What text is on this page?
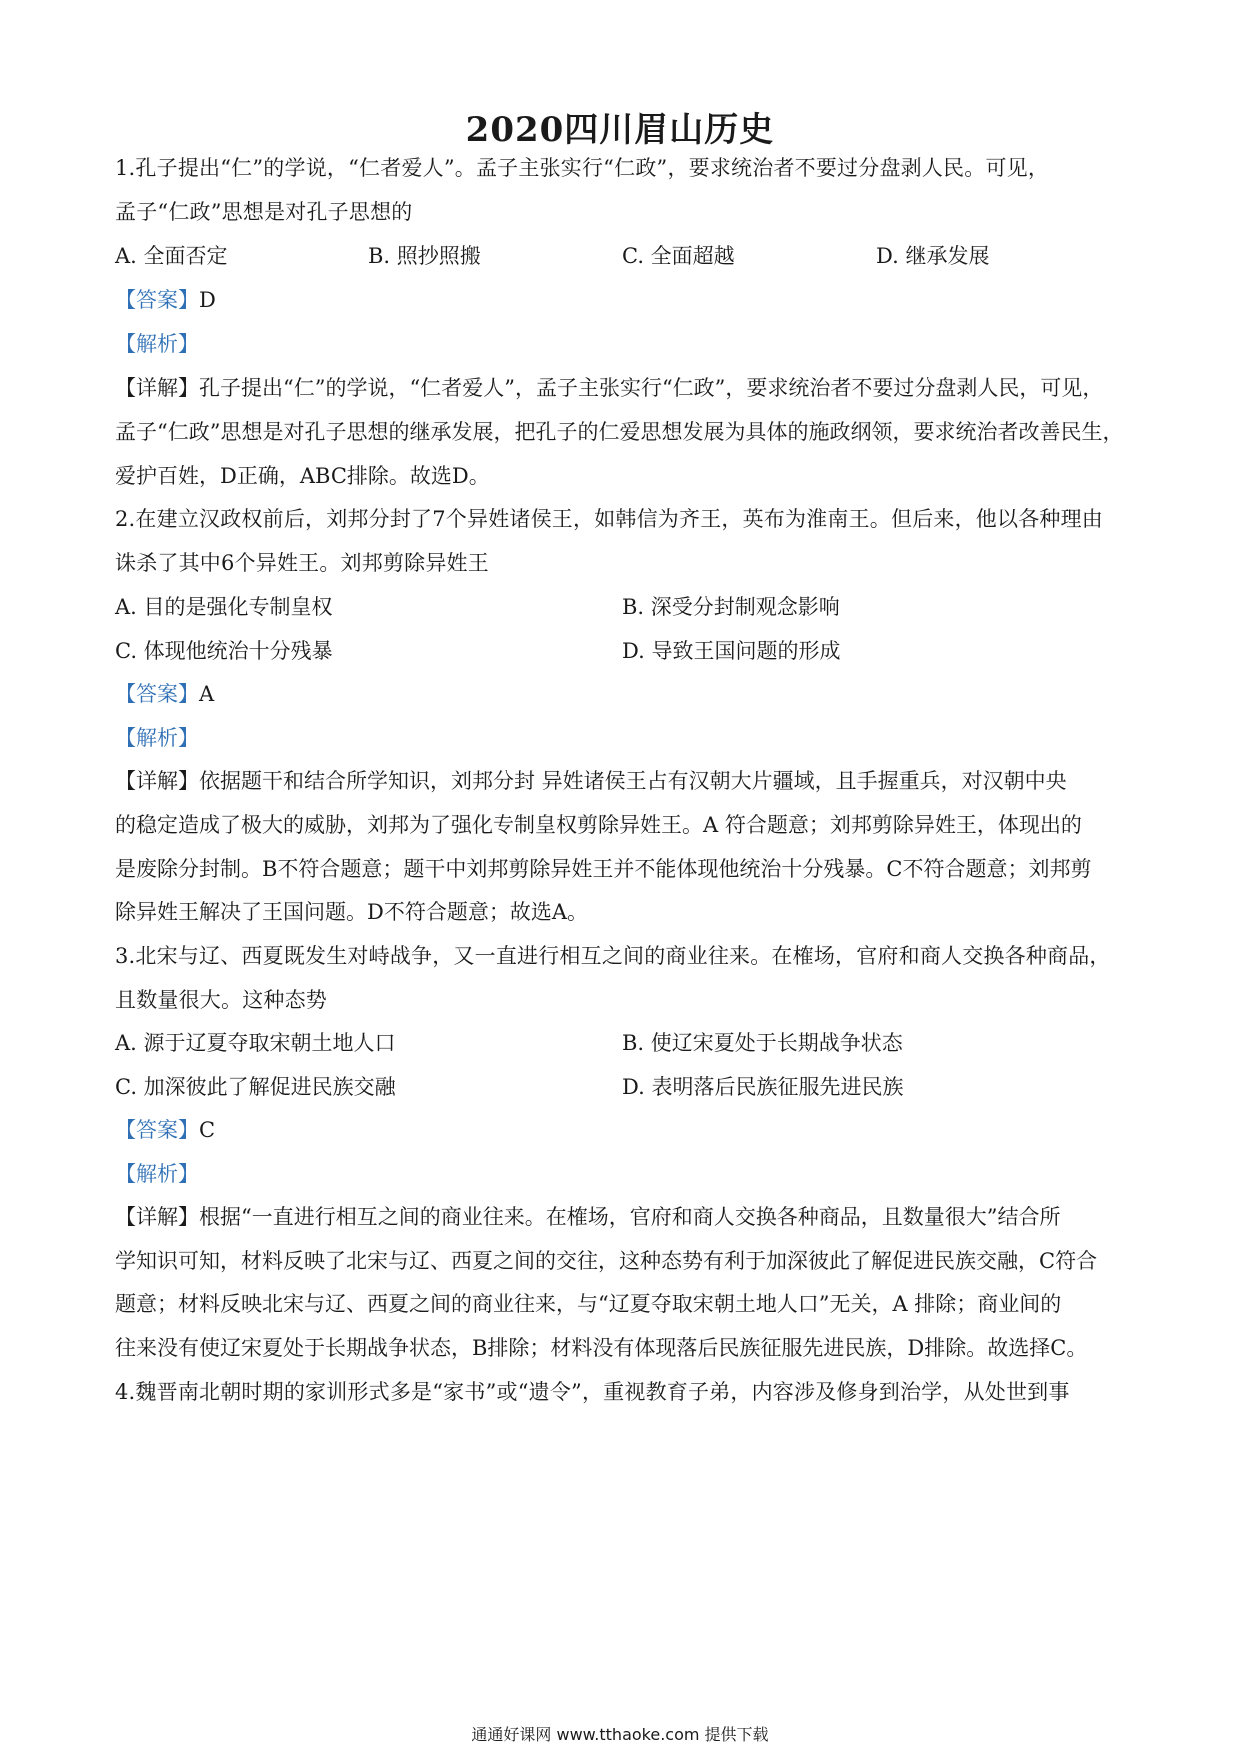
2020四川眉山历史
1.孔子提出“仁”的学说，“仁者爱人”。孟子主张实行“仁政”，要求统治者不要过分盘剥人民。可见，
孟子“仁政”思想是对孔子思想的
A. 全面否定	B. 照抄照搬	C. 全面超越	D. 继承发展
【答案】D
【解析】
【详解】孔子提出“仁”的学说，“仁者爱人”，孟子主张实行“仁政”，要求统治者不要过分盘剥人民，可见，
孟子“仁政”思想是对孔子思想的继承发展，把孔子的仁爱思想发展为具体的施政纲领，要求统治者改善民生，
爱护百姓，D正确，ABC排除。故选D。
2.在建立汉政权前后，刘邦分封了7个异姓诸侯王，如韩信为齐王，英布为淮南王。但后来，他以各种理由
诛杀了其中6个异姓王。刘邦剪除异姓王
A. 目的是强化专制皇权	B. 深受分封制观念影响
C. 体现他统治十分残暴	D. 导致王国问题的形成
【答案】A
【解析】
【详解】依据题干和结合所学知识，刘邦分封 异姓诸侯王占有汉朝大片疆域，且手握重兵，对汉朝中央
的稳定造成了极大的威胁，刘邦为了强化专制皇权剪除异姓王。A 符合题意；刘邦剪除异姓王，体现出的
是废除分封制。B不符合题意；题干中刘邦剪除异姓王并不能体现他统治十分残暴。C不符合题意；刘邦剪
除异姓王解决了王国问题。D不符合题意；故选A。
3.北宋与辽、西夏既发生对峙战争，又一直进行相互之间的商业往来。在榷场，官府和商人交换各种商品，
且数量很大。这种态势
A. 源于辽夏夺取宋朝土地人口	B. 使辽宋夏处于长期战争状态
C. 加深彼此了解促进民族交融	D. 表明落后民族征服先进民族
【答案】C
【解析】
【详解】根据“一直进行相互之间的商业往来。在榷场，官府和商人交换各种商品，且数量很大”结合所
学知识可知，材料反映了北宋与辽、西夏之间的交往，这种态势有利于加深彼此了解促进民族交融，C符合
题意；材料反映北宋与辽、西夏之间的商业往来，与“辽夏夺取宋朝土地人口”无关，A 排除；商业间的
往来没有使辽宋夏处于长期战争状态，B排除；材料没有体现落后民族征服先进民族，D排除。故选择C。
4.魏晋南北朝时期的家训形式多是“家书”或“遗令”，重视教育子弟，内容涉及修身到治学，从处世到事
通通好课网 www.tthaoke.com 提供下载
